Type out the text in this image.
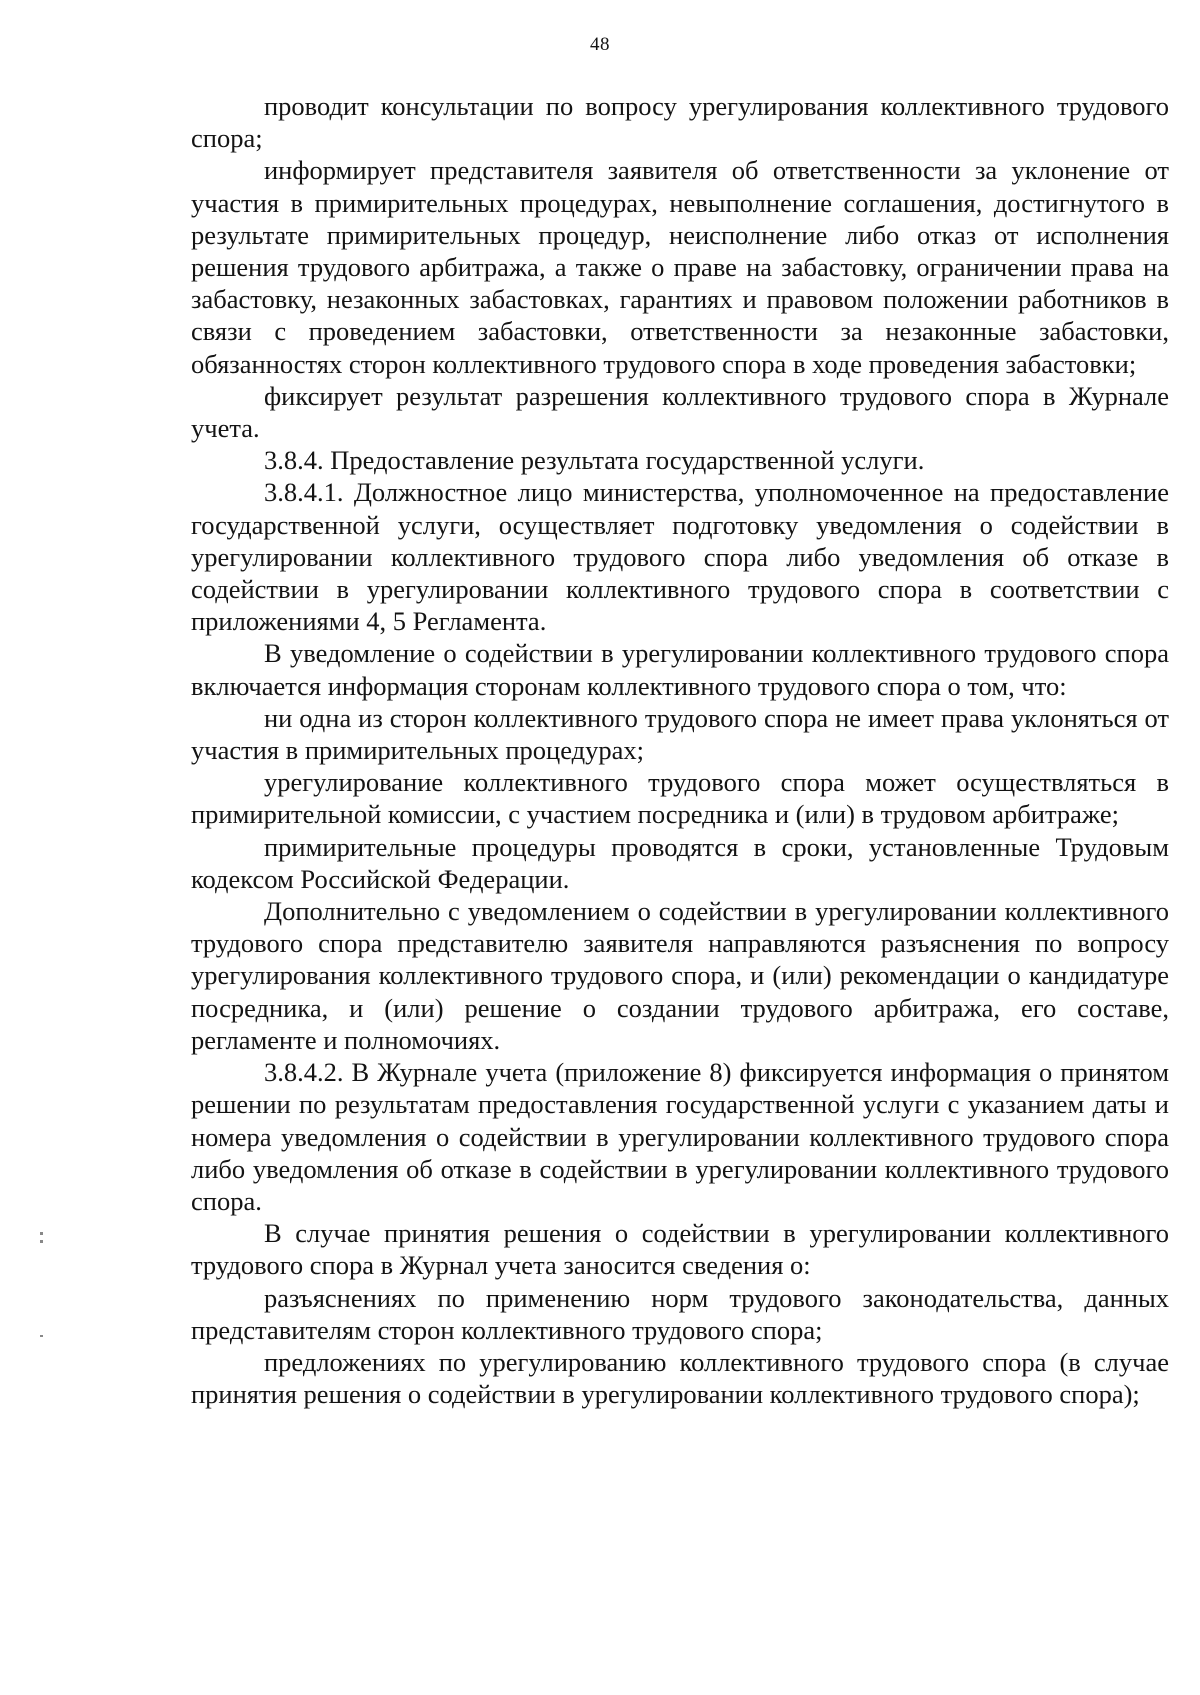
48

проводит консультации по вопросу урегулирования коллективного трудового спора;

информирует представителя заявителя об ответственности за уклонение от участия в примирительных процедурах, невыполнение соглашения, достигнутого в результате примирительных процедур, неисполнение либо отказ от исполнения решения трудового арбитража, а также о праве на забастовку, ограничении права на забастовку, незаконных забастовках, гарантиях и правовом положении работников в связи с проведением забастовки, ответственности за незаконные забастовки, обязанностях сторон коллективного трудового спора в ходе проведения забастовки;

фиксирует результат разрешения коллективного трудового спора в Журнале учета.

3.8.4. Предоставление результата государственной услуги.

3.8.4.1. Должностное лицо министерства, уполномоченное на предоставление государственной услуги, осуществляет подготовку уведомления о содействии в урегулировании коллективного трудового спора либо уведомления об отказе в содействии в урегулировании коллективного трудового спора в соответствии с приложениями 4, 5 Регламента.

В уведомление о содействии в урегулировании коллективного трудового спора включается информация сторонам коллективного трудового спора о том, что:

ни одна из сторон коллективного трудового спора не имеет права уклоняться от участия в примирительных процедурах;

урегулирование коллективного трудового спора может осуществляться в примирительной комиссии, с участием посредника и (или) в трудовом арбитраже;

примирительные процедуры проводятся в сроки, установленные Трудовым кодексом Российской Федерации.

Дополнительно с уведомлением о содействии в урегулировании коллективного трудового спора представителю заявителя направляются разъяснения по вопросу урегулирования коллективного трудового спора, и (или) рекомендации о кандидатуре посредника, и (или) решение о создании трудового арбитража, его составе, регламенте и полномочиях.

3.8.4.2. В Журнале учета (приложение 8) фиксируется информация о принятом решении по результатам предоставления государственной услуги с указанием даты и номера уведомления о содействии в урегулировании коллективного трудового спора либо уведомления об отказе в содействии в урегулировании коллективного трудового спора.

В случае принятия решения о содействии в урегулировании коллективного трудового спора в Журнал учета заносится сведения о:

разъяснениях по применению норм трудового законодательства, данных представителям сторон коллективного трудового спора;

предложениях по урегулированию коллективного трудового спора (в случае принятия решения о содействии в урегулировании коллективного трудового спора);
